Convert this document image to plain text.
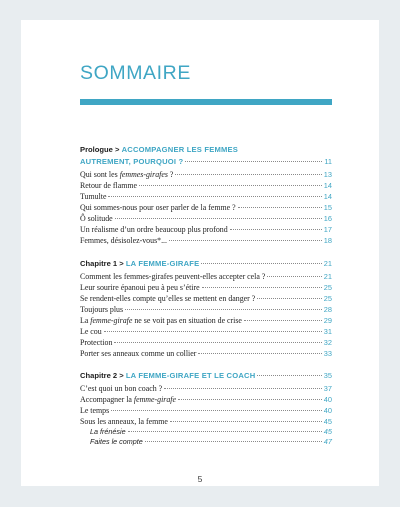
SOMMAIRE
Prologue > ACCOMPAGNER LES FEMMES
AUTREMENT, POURQUOI ?	11
Qui sont les femmes-girafes ?	13
Retour de flamme	14
Tumulte	14
Qui sommes-nous pour oser parler de la femme ?	15
Ô solitude	16
Un réalisme d’un ordre beaucoup plus profond	17
Femmes, désisolez-vous*...	18
Chapitre 1 > LA FEMME-GIRAFE	21
Comment les femmes-girafes peuvent-elles accepter cela ?	21
Leur sourire épanoui peu à peu s’étire	25
Se rendent-elles compte qu’elles se mettent en danger ?	25
Toujours plus	28
La femme-girafe ne se voit pas en situation de crise	29
Le cou	31
Protection	32
Porter ses anneaux comme un collier	33
Chapitre 2 > LA FEMME-GIRAFE ET LE COACH	35
C’est quoi un bon coach ?	37
Accompagner la femme-girafe	40
Le temps	40
Sous les anneaux, la femme	45
La frénésie	45
Faites le compte	47
5
